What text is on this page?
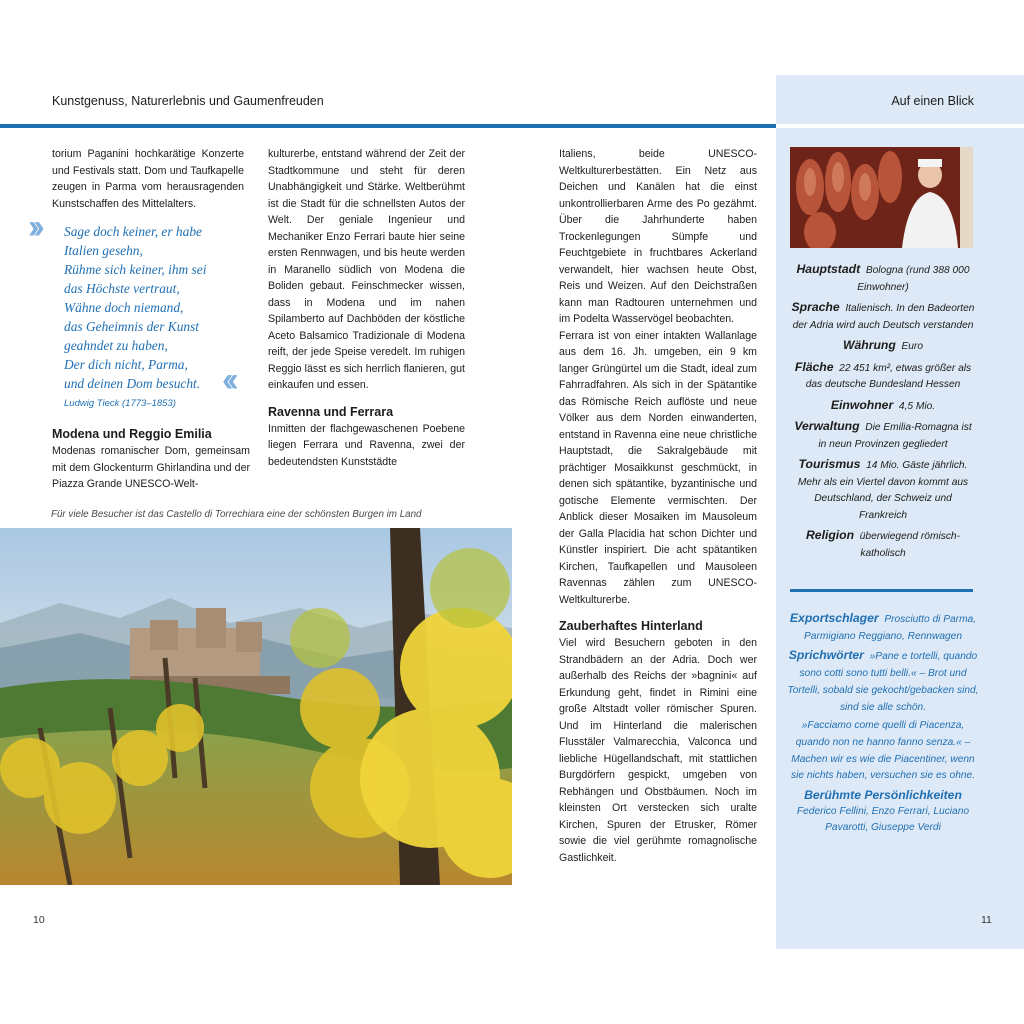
Kunstgenuss, Naturerlebnis und Gaumenfreuden	Auf einen Blick

torium Paganini hochkarätige Konzerte und Festivals statt. Dom und Taufkapelle zeugen in Parma vom herausragenden Kunstschaffen des Mittelalters.

›› Sage doch keiner, er habe
Italien gesehn,
Rühme sich keiner, ihm sei
das Höchste vertraut,
Wähne doch niemand,
das Geheimnis der Kunst
geahndet zu haben,
Der dich nicht, Parma,
und deinen Dom besucht. ‹‹
Ludwig Tieck (1773–1853)
Modena und Reggio Emilia

Modenas romanischer Dom, gemeinsam mit dem Glockenturm Ghirlandina und der Piazza Grande UNESCO-Welt-

kulturerbe, entstand während der Zeit der Stadtkommune und steht für deren Unabhängigkeit und Stärke. Weltberühmt ist die Stadt für die schnellsten Autos der Welt. Der geniale Ingenieur und Mechaniker Enzo Ferrari baute hier seine ersten Rennwagen, und bis heute werden in Maranello südlich von Modena die Boliden gebaut. Feinschmecker wissen, dass in Modena und im nahen Spilamberto auf Dachböden der köstliche Aceto Balsamico Tradizionale di Modena reift, der jede Speise veredelt. Im ruhigen Reggio lässt es sich herrlich flanieren, gut einkaufen und essen.

Ravenna und Ferrara

Inmitten der flachgewaschenen Poebene liegen Ferrara und Ravenna, zwei der bedeutendsten Kunststädte

Für viele Besucher ist das Castello di Torrechiara eine der schönsten Burgen im Land

Italiens, beide UNESCO-Weltkulturerbestätten. Ein Netz aus Deichen und Kanälen hat die einst unkontrollierbaren Arme des Po gezähmt. Über die Jahrhunderte haben Trockenlegungen Sümpfe und Feuchtgebiete in fruchtbares Ackerland verwandelt, hier wachsen heute Obst, Reis und Weizen. Auf den Deichstraßen kann man Radtouren unternehmen und im Podelta Wasservögel beobachten.

Ferrara ist von einer intakten Wallanlage aus dem 16. Jh. umgeben, ein 9 km langer Grüngürtel um die Stadt, ideal zum Fahrradfahren. Als sich in der Spätantike das Römische Reich auflöste und neue Völker aus dem Norden einwanderten, entstand in Ravenna eine neue christliche Hauptstadt, die Sakralgebäude mit prächtiger Mosaikkunst geschmückt, in denen sich spätantike, byzantinische und gotische Elemente vermischten. Der Anblick dieser Mosaiken im Mausoleum der Galla Placidia hat schon Dichter und Künstler inspiriert. Die acht spätantiken Kirchen, Taufkapellen und Mausoleen Ravennas zählen zum UNESCO-Weltkulturerbe.

Zauberhaftes Hinterland

Viel wird Besuchern geboten in den Strandbädern an der Adria. Doch wer außerhalb des Reichs der »bagnini« auf Erkundung geht, findet in Rimini eine große Altstadt voller römischer Spuren. Und im Hinterland die malerischen Flusstäler Valmarecchia, Valconca und liebliche Hügellandschaft, mit stattlichen Burgdörfern gespickt, umgeben von Rebhängen und Obstbäumen. Noch im kleinsten Ort verstecken sich uralte Kirchen, Spuren der Etrusker, Römer sowie die viel gerühmte romagnolische Gastlichkeit.

Hauptstadt Bologna (rund 388 000 Einwohner)
Sprache Italienisch. In den Badeorten der Adria wird auch Deutsch verstanden
Währung Euro
Fläche 22 451 km², etwas größer als das deutsche Bundesland Hessen
Einwohner 4,5 Mio.
Verwaltung Die Emilia-Romagna ist in neun Provinzen gegliedert
Tourismus 14 Mio. Gäste jährlich. Mehr als ein Viertel davon kommt aus Deutschland, der Schweiz und Frankreich
Religion überwiegend römisch-katholisch
Exportschlager Prosciutto di Parma, Parmigiano Reggiano, Rennwagen
Sprichwörter »Pane e tortelli, quando sono cotti sono tutti belli.« – Brot und Tortelli, sobald sie gekocht/gebacken sind, sind sie alle schön.
»Facciamo come quelli di Piacenza, quando non ne hanno fanno senza.« – Machen wir es wie die Piacentiner, wenn sie nichts haben, versuchen sie es ohne.
Berühmte Persönlichkeiten
Federico Fellini, Enzo Ferrari, Luciano Pavarotti, Giuseppe Verdi
10	11
